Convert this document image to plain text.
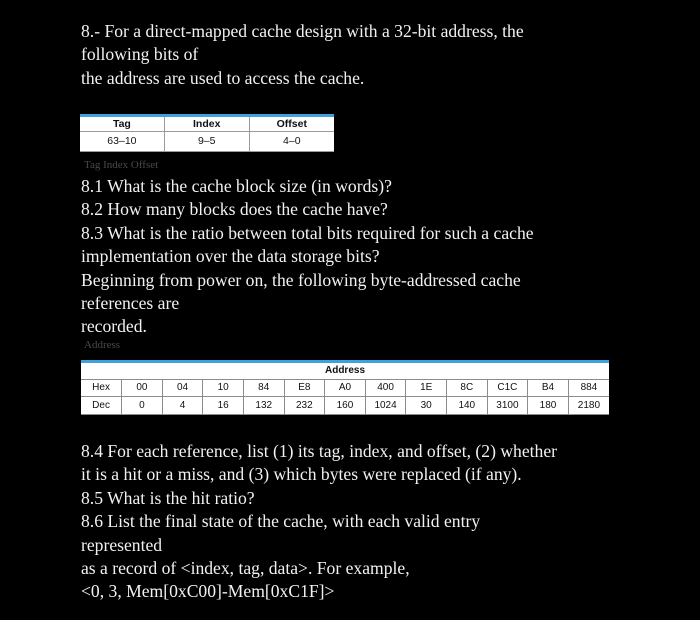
8.- For a direct-mapped cache design with a 32-bit address, the
following bits of
the address are used to access the cache.
Tag	Index	Offset
63–10	9–5	4–0
Tag Index Offset
8.1 What is the cache block size (in words)?
8.2 How many blocks does the cache have?
8.3 What is the ratio between total bits required for such a cache
implementation over the data storage bits?
Beginning from power on, the following byte-addressed cache
references are
recorded.
Address
Address												
Hex	00	04	10	84	E8	A0	400	1E	8C	C1C	B4	884
Dec	0	4	16	132	232	160	1024	30	140	3100	180	2180
8.4 For each reference, list (1) its tag, index, and offset, (2) whether
it is a hit or a miss, and (3) which bytes were replaced (if any).
8.5 What is the hit ratio?
8.6 List the final state of the cache, with each valid entry
represented
as a record of <index, tag, data>. For example,
<0, 3, Mem[0xC00]-Mem[0xC1F]>
